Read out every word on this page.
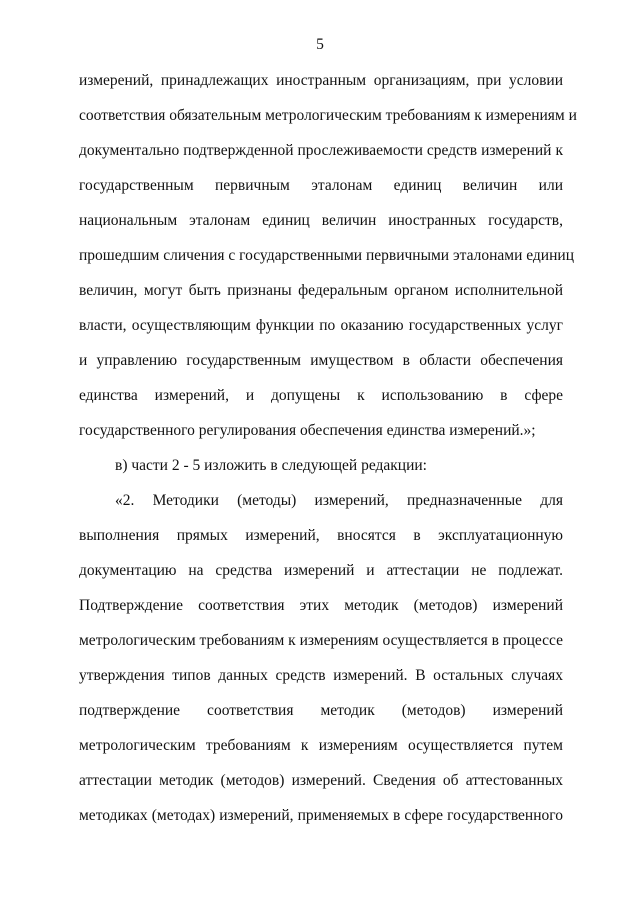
5
измерений, принадлежащих иностранным организациям, при условии
соответствия обязательным метрологическим требованиям к измерениям и
документально подтвержденной прослеживаемости средств измерений к
государственным первичным эталонам единиц величин или
национальным эталонам единиц величин иностранных государств,
прошедшим сличения с государственными первичными эталонами единиц
величин, могут быть признаны федеральным органом исполнительной
власти, осуществляющим функции по оказанию государственных услуг
и управлению государственным имуществом в области обеспечения
единства измерений, и допущены к использованию в сфере
государственного регулирования обеспечения единства измерений.»;
в) части 2 - 5 изложить в следующей редакции:
«2. Методики (методы) измерений, предназначенные для
выполнения прямых измерений, вносятся в эксплуатационную
документацию на средства измерений и аттестации не подлежат.
Подтверждение соответствия этих методик (методов) измерений
метрологическим требованиям к измерениям осуществляется в процессе
утверждения типов данных средств измерений. В остальных случаях
подтверждение соответствия методик (методов) измерений
метрологическим требованиям к измерениям осуществляется путем
аттестации методик (методов) измерений. Сведения об аттестованных
методиках (методах) измерений, применяемых в сфере государственного
